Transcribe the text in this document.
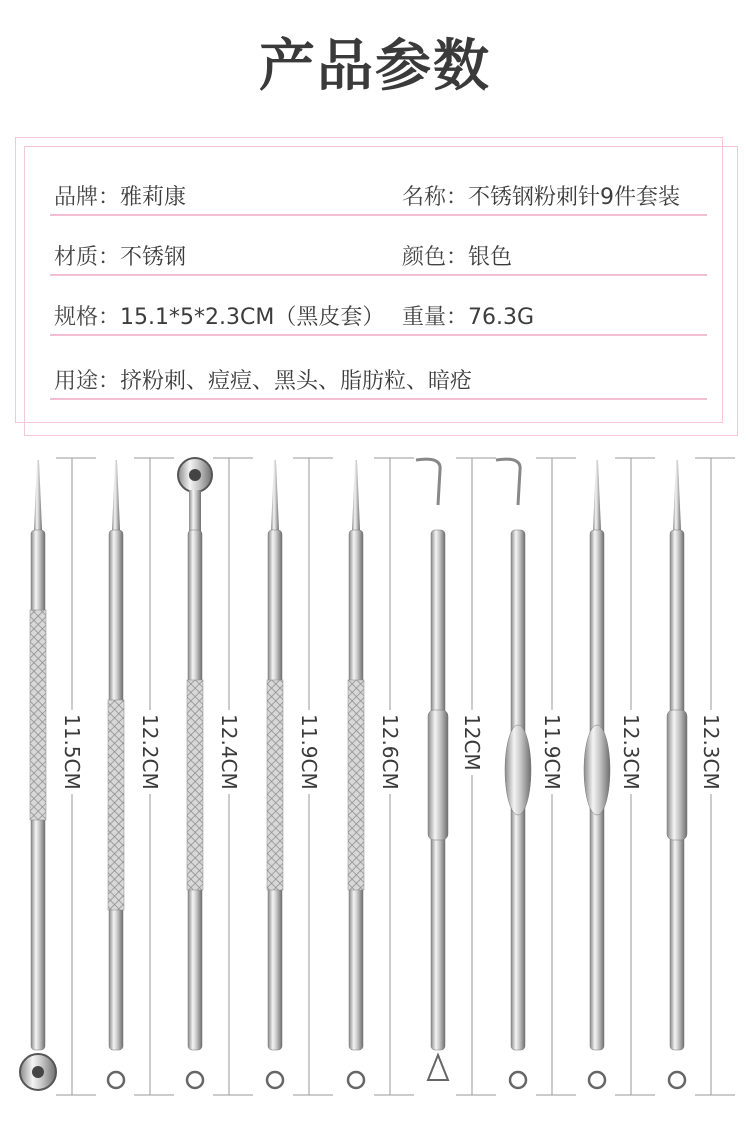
产品参数
品牌：雅莉康	名称：不锈钢粉刺针9件套装
材质：不锈钢	颜色：银色
规格：15.1*5*2.3CM（黑皮套） 重量：76.3G
用途：挤粉刺、痘痘、黑头、脂肪粒、暗疮
11.5CM	12.2CM	12.4CM	11.9CM	12.6CM	12CM	11.9CM	12.3CM	12.3CM
